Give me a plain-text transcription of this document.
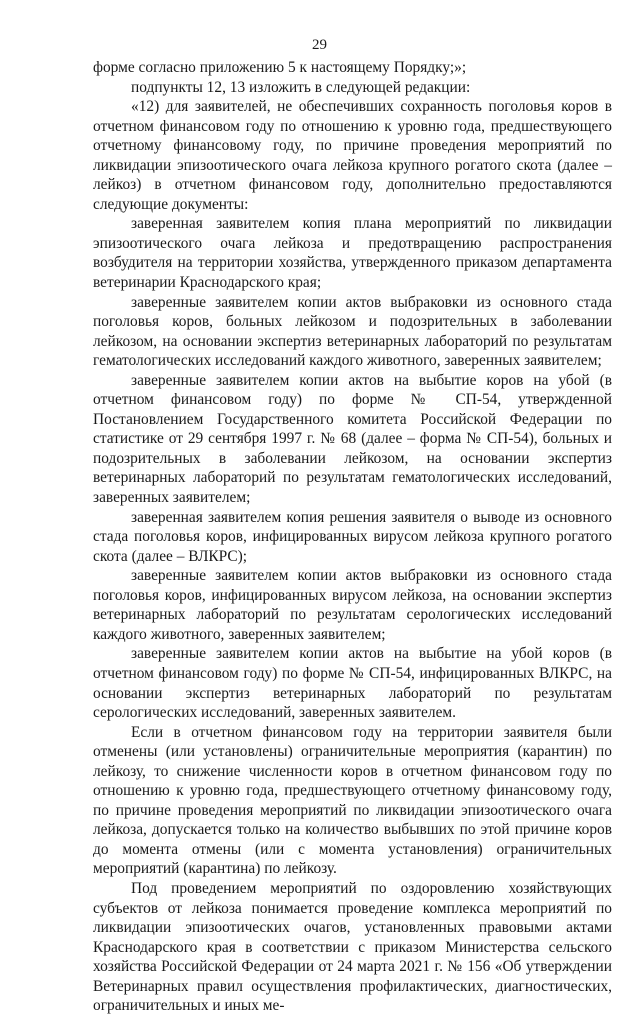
29

форме согласно приложению 5 к настоящему Порядку;»;

подпункты 12, 13 изложить в следующей редакции:

«12) для заявителей, не обеспечивших сохранность поголовья коров в отчетном финансовом году по отношению к уровню года, предшествующего отчетному финансовому году, по причине проведения мероприятий по ликвидации эпизоотического очага лейкоза крупного рогатого скота (далее – лейкоз) в отчетном финансовом году, дополнительно предоставляются следующие документы:

заверенная заявителем копия плана мероприятий по ликвидации эпизоотического очага лейкоза и предотвращению распространения возбудителя на территории хозяйства, утвержденного приказом департамента ветеринарии Краснодарского края;

заверенные заявителем копии актов выбраковки из основного стада поголовья коров, больных лейкозом и подозрительных в заболевании лейкозом, на основании экспертиз ветеринарных лабораторий по результатам гематологических исследований каждого животного, заверенных заявителем;

заверенные заявителем копии актов на выбытие коров на убой (в отчетном финансовом году) по форме № СП-54, утвержденной Постановлением Государственного комитета Российской Федерации по статистике от 29 сентября 1997 г. № 68 (далее – форма № СП-54), больных и подозрительных в заболевании лейкозом, на основании экспертиз ветеринарных лабораторий по результатам гематологических исследований, заверенных заявителем;

заверенная заявителем копия решения заявителя о выводе из основного стада поголовья коров, инфицированных вирусом лейкоза крупного рогатого скота (далее – ВЛКРС);

заверенные заявителем копии актов выбраковки из основного стада поголовья коров, инфицированных вирусом лейкоза, на основании экспертиз ветеринарных лабораторий по результатам серологических исследований каждого животного, заверенных заявителем;

заверенные заявителем копии актов на выбытие на убой коров (в отчетном финансовом году) по форме № СП-54, инфицированных ВЛКРС, на основании экспертиз ветеринарных лабораторий по результатам серологических исследований, заверенных заявителем.

Если в отчетном финансовом году на территории заявителя были отменены (или установлены) ограничительные мероприятия (карантин) по лейкозу, то снижение численности коров в отчетном финансовом году по отношению к уровню года, предшествующего отчетному финансовому году, по причине проведения мероприятий по ликвидации эпизоотического очага лейкоза, допускается только на количество выбывших по этой причине коров до момента отмены (или с момента установления) ограничительных мероприятий (карантина) по лейкозу.

Под проведением мероприятий по оздоровлению хозяйствующих субъектов от лейкоза понимается проведение комплекса мероприятий по ликвидации эпизоотических очагов, установленных правовыми актами Краснодарского края в соответствии с приказом Министерства сельского хозяйства Российской Федерации от 24 марта 2021 г. № 156 «Об утверждении Ветеринарных правил осуществления профилактических, диагностических, ограничительных и иных ме-
